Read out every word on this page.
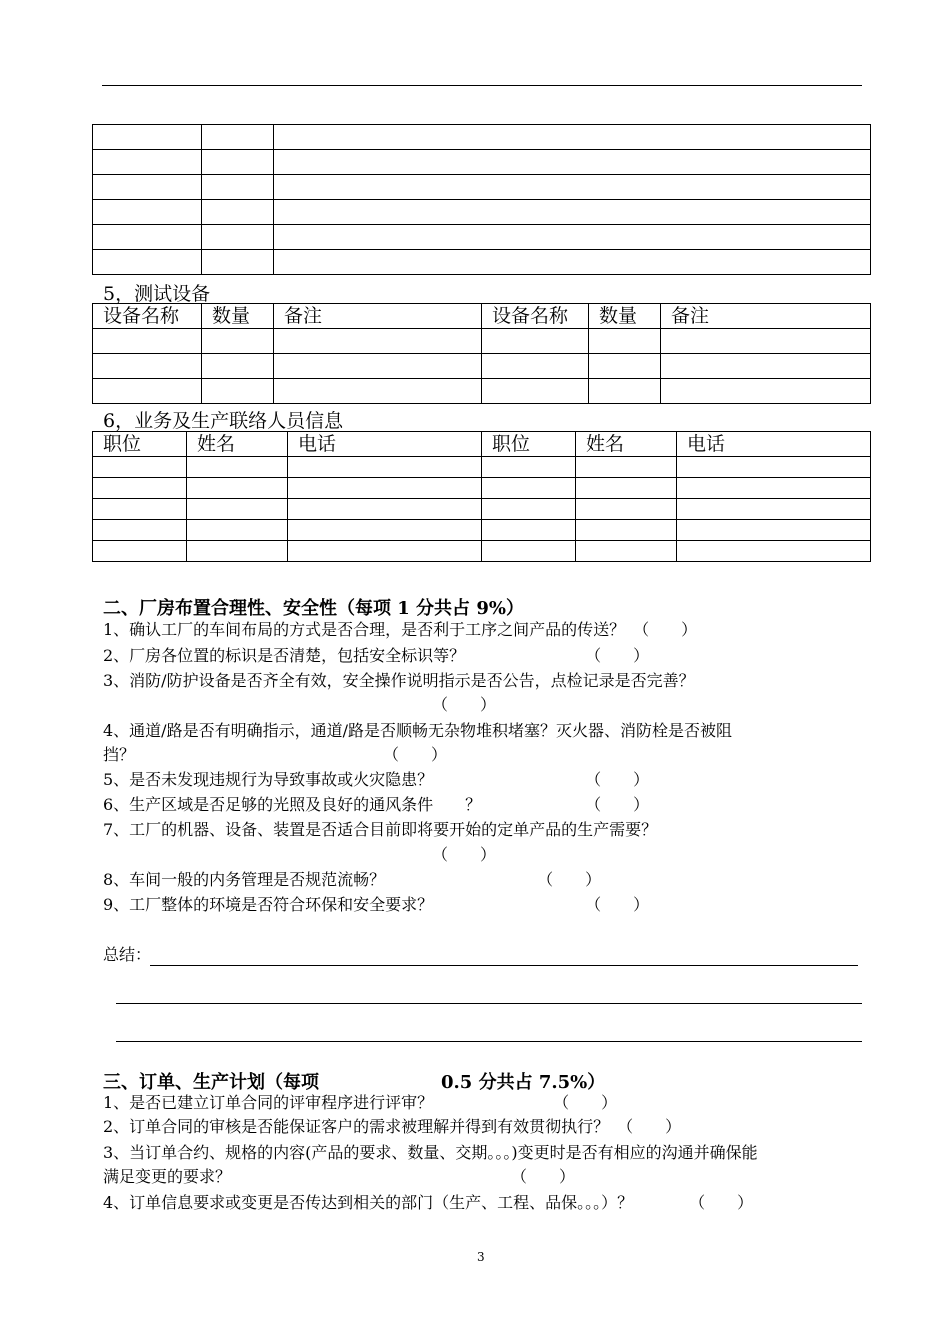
5，测试设备
设备名称	数量	备注	设备名称	数量	备注

6，业务及生产联络人员信息
职位	姓名	电话	职位	姓名	电话

二、厂房布置合理性、安全性（每项 1 分共占 9%）
1、确认工厂的车间布局的方式是否合理，是否利于工序之间产品的传送？　（　　）
2、厂房各位置的标识是否清楚，包括安全标识等？　　　　　　　　（　　）
3、消防/防护设备是否齐全有效，安全操作说明指示是否公告，点检记录是否完善？
（　　）
4、通道/路是否有明确指示，通道/路是否顺畅无杂物堆积堵塞？灭火器、消防栓是否被阻
挡？　　　　　　　　　　　　　　　　（　　）
5、是否未发现违规行为导致事故或火灾隐患？　　　　　　　　　　（　　）
6、生产区域是否足够的光照及良好的通风条件　　？　　　　　　　（　　）
7、工厂的机器、设备、装置是否适合目前即将要开始的定单产品的生产需要？
（　　）
8、车间一般的内务管理是否规范流畅？　　　　　　　　　　（　　）
9、工厂整体的环境是否符合环保和安全要求？　　　　　　　　　　（　　）
总结：
三、订单、生产计划（每项	0.5 分共占 7.5%）
1、是否已建立订单合同的评审程序进行评审？　　　　　　　　（　　）
2、订单合同的审核是否能保证客户的需求被理解并得到有效贯彻执行？　（　　）
3、当订单合约、规格的内容(产品的要求、数量、交期。。。)变更时是否有相应的沟通并确保能
满足变更的要求？　　　　　　　　　　　　　　　　　　（　　）
4、订单信息要求或变更是否传达到相关的部门（生产、工程、品保。。。）？　　　　（　　）
3
